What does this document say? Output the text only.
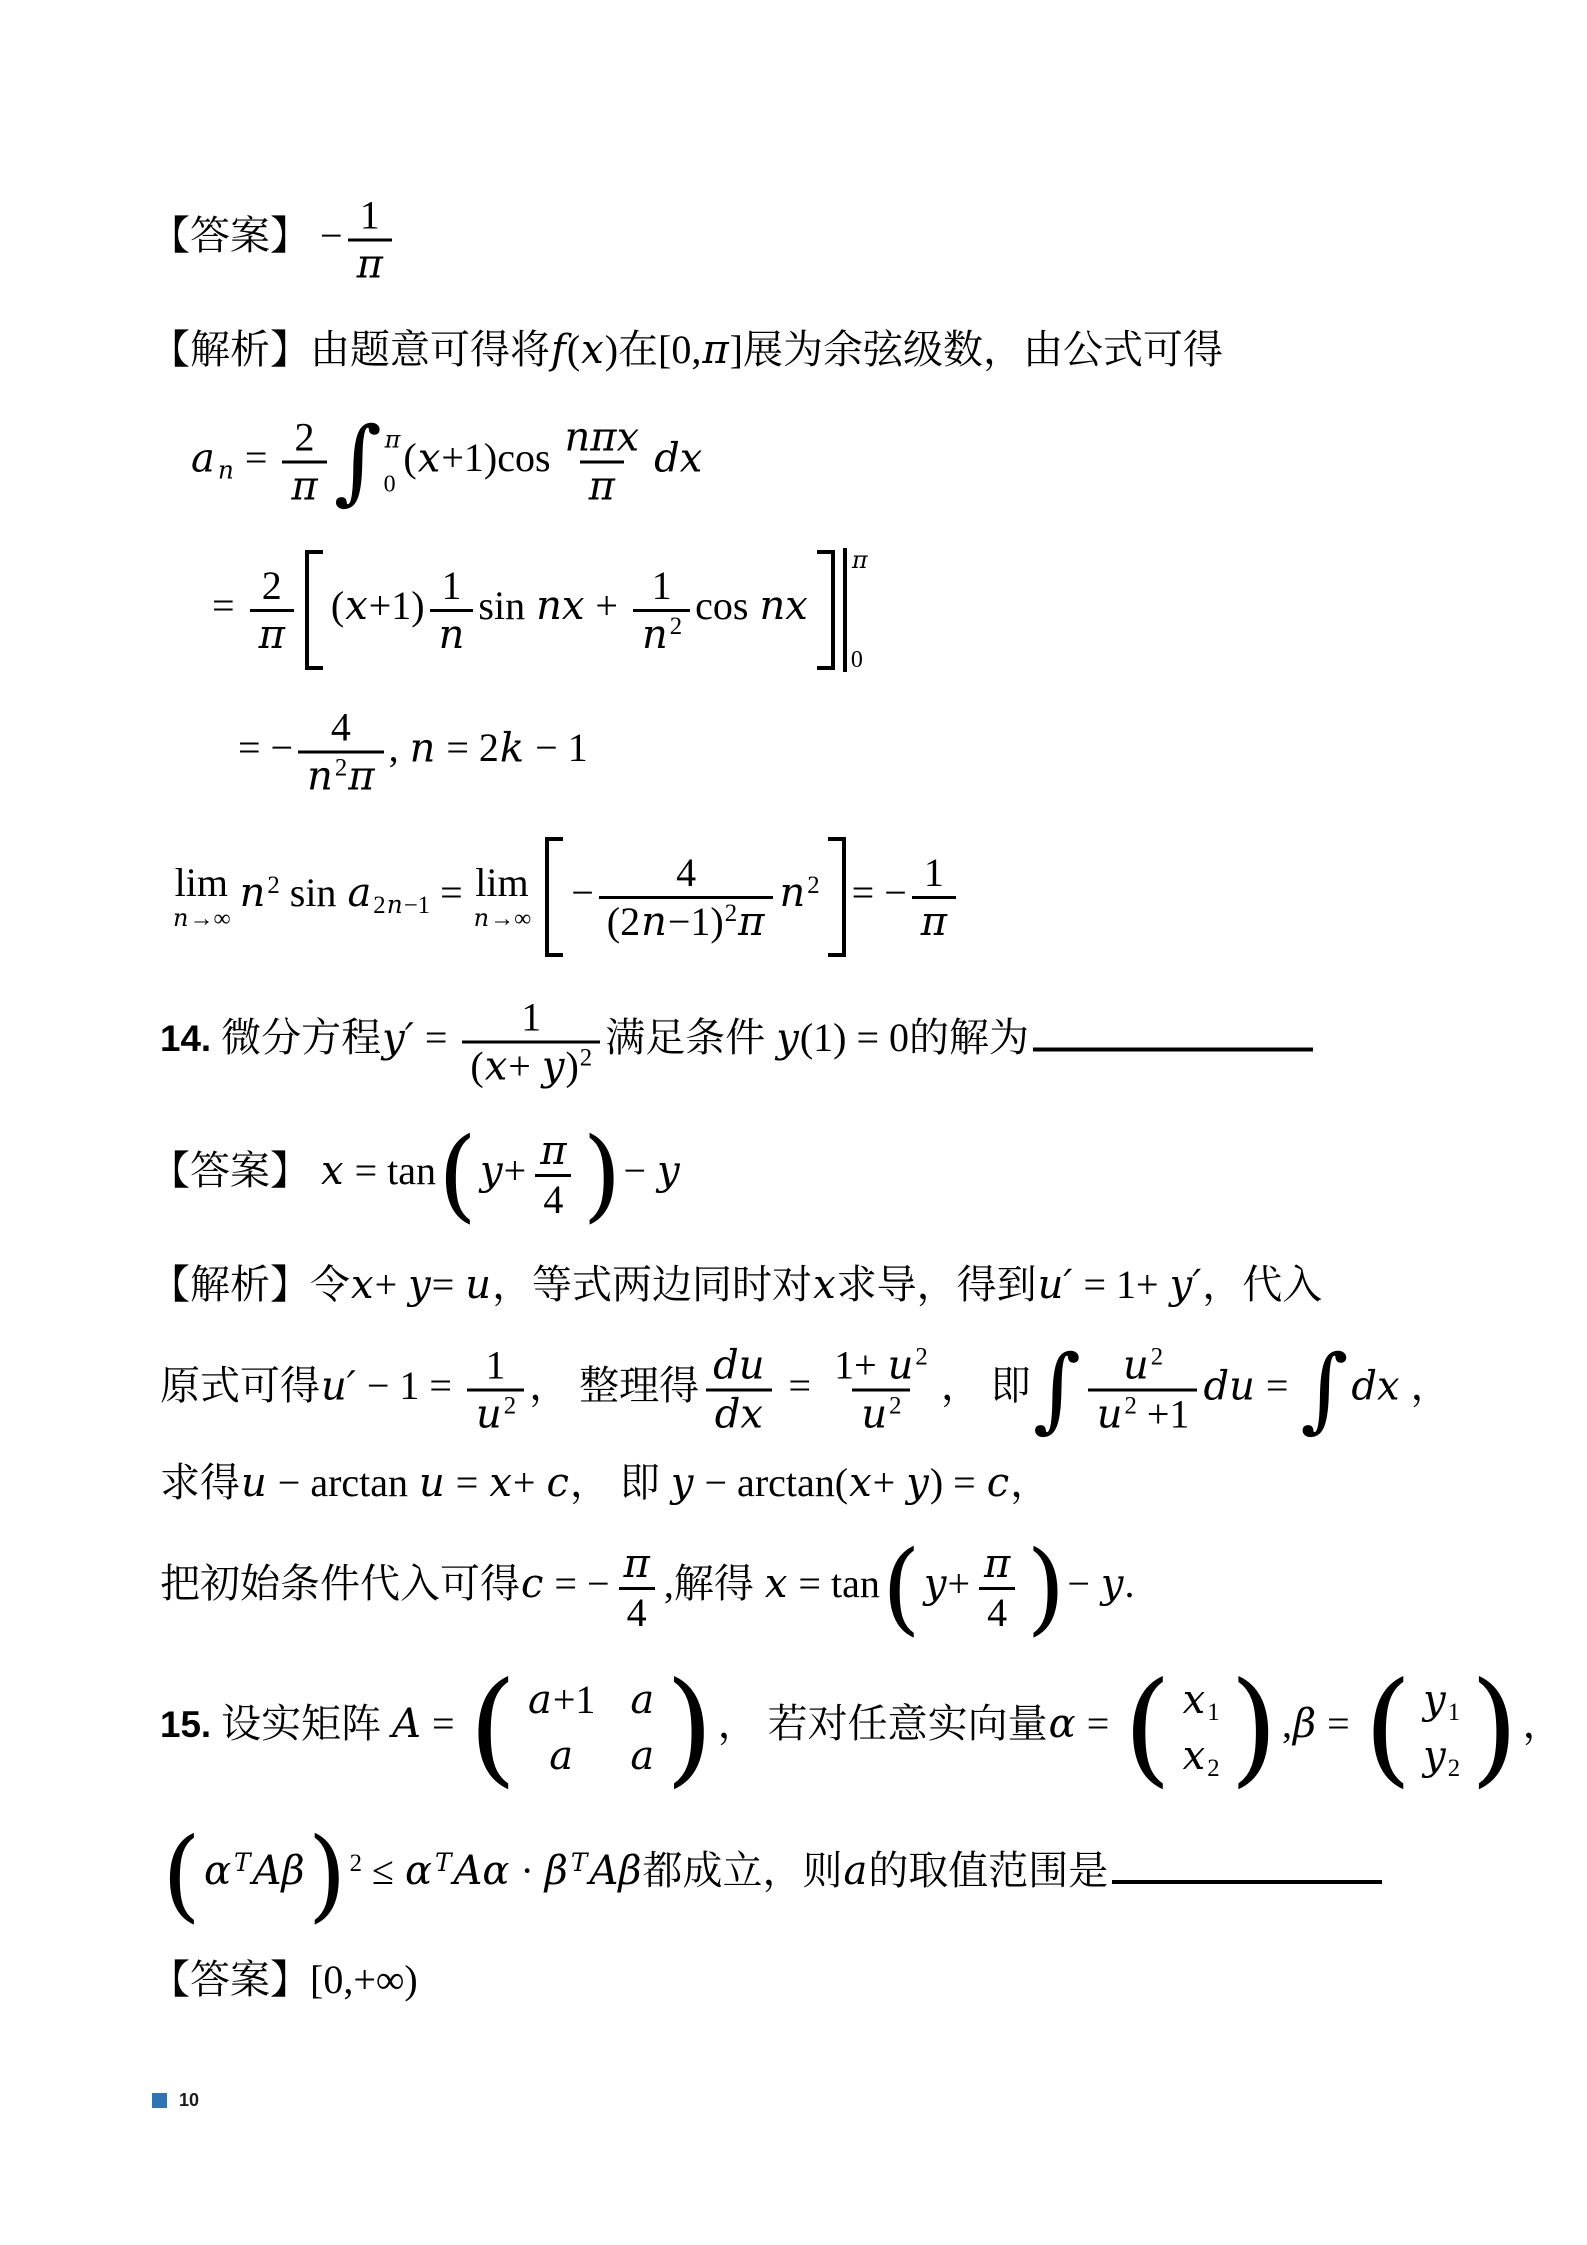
【答案】 − $\frac{1}{\pi}$
【解析】由题意可得将f(x)在[0,π]展为余弦级数，由公式可得
an = $\frac{2}{\pi}$ ∫ π
0
$(x+1)\cos \frac{\text{nπx}}{\pi}$ dx
= $\frac{2}{\pi} (x+1) \frac{1}{n}$ sin nx + $\frac{1}{n^2}$ cos nx
π
0
= − $\frac{4}{n^2\pi}$ , n = 2k − 1
lim
n→∞
$n^2$ sin a2n−1 = lim
n→∞
− $\frac{4}{(2n-1)^2\pi} n^2$ = − $\frac{1}{\pi}$
14. 微分方程$y' = \frac{1}{(x+ y)^2}$ 满足条件 y(1) = 0的解为
【答案】 $x = \tan(y+ \frac{\pi}{4}$ )− y
【解析】令x+ y= u，等式两边同时对x求导，得到u′ = 1+ y′，代入
原式可得$u' - 1 = \frac{1}{u^2}$ ， 整理得 $\frac{du}{dx} = \frac{1+ u^2}{u^2}$ ， 即 ∫ $\frac{u^2}{u^2 +1}$ du = ∫ dx ，
求得u − arctan u = x+ c， 即 y − arctan(x+ y) = c，
把初始条件代入可得c = − $\frac{\pi}{4}$ ,解得 $x = \tan(y+ \frac{\pi}{4}$ )− y.
15. 设实矩阵 A = ( a+1 a
a a ) ， 若对任意实向量α = ( x1
x2 ) ,β = ( y1
y2 ) ，
(α $^T$Aβ) $^2$ ≤ α $^T$Aα · β $^T$Aβ都成立，则a的取值范围是
【答案】[0,+∞)
10
